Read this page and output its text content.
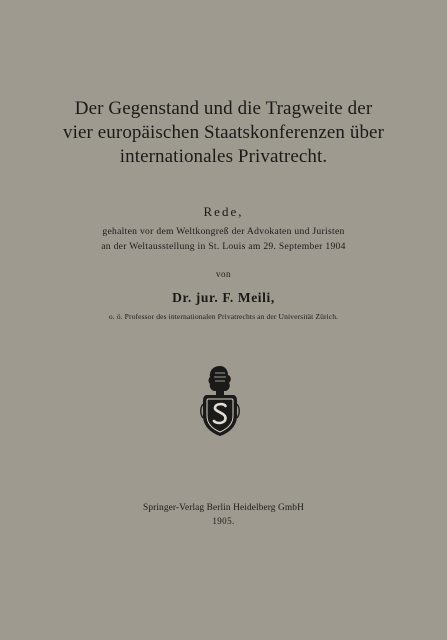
Der Gegenstand und die Tragweite der
vier europäischen Staatskonferenzen über
internationales Privatrecht.
Rede,
gehalten vor dem Weltkongreß der Advokaten und Juristen
an der Weltausstellung in St. Louis am 29. September 1904
von
Dr. jur. F. Meili,
o. ö. Professor des internationalen Privatrechts an der Universität Zürich.
Springer-Verlag Berlin Heidelberg GmbH
1905.
